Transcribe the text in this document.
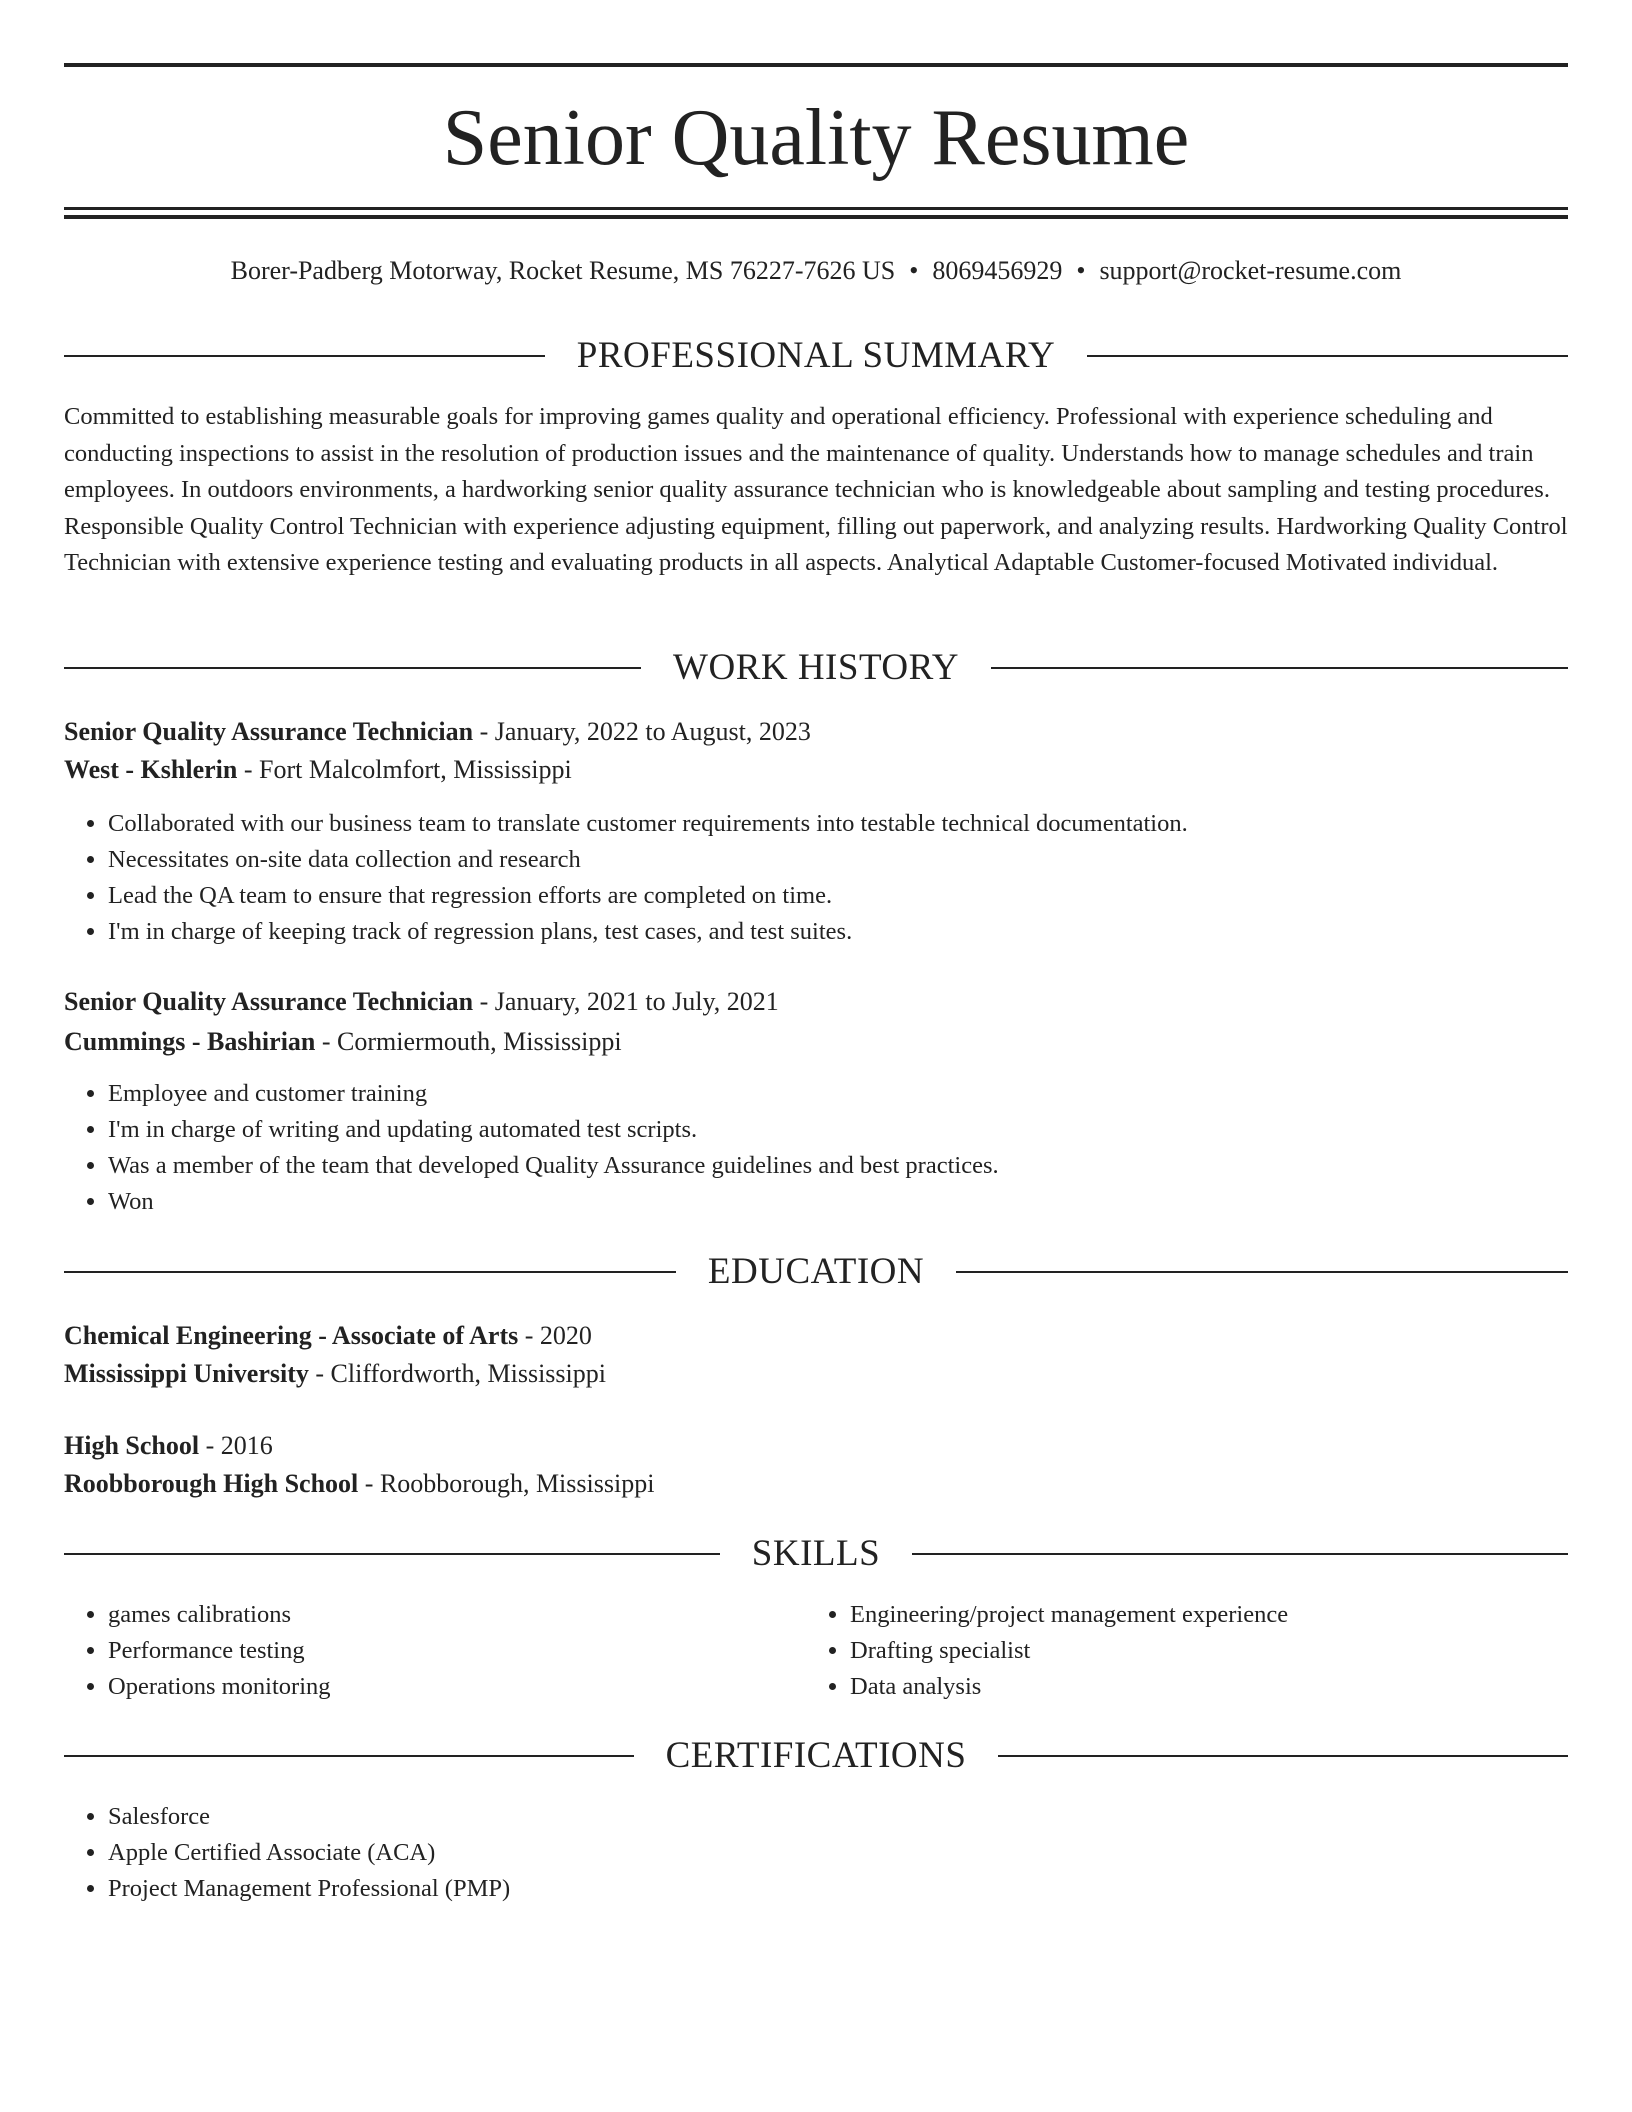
Senior Quality Resume
Borer-Padberg Motorway, Rocket Resume, MS 76227-7626 US • 8069456929 • support@rocket-resume.com
PROFESSIONAL SUMMARY

Committed to establishing measurable goals for improving games quality and operational efficiency. Professional with experience scheduling and conducting inspections to assist in the resolution of production issues and the maintenance of quality. Understands how to manage schedules and train employees. In outdoors environments, a hardworking senior quality assurance technician who is knowledgeable about sampling and testing procedures. Responsible Quality Control Technician with experience adjusting equipment, filling out paperwork, and analyzing results. Hardworking Quality Control Technician with extensive experience testing and evaluating products in all aspects. Analytical Adaptable Customer-focused Motivated individual.

WORK HISTORY
Senior Quality Assurance Technician - January, 2022 to August, 2023
West - Kshlerin - Fort Malcolmfort, Mississippi
• Collaborated with our business team to translate customer requirements into testable technical documentation.
• Necessitates on-site data collection and research
• Lead the QA team to ensure that regression efforts are completed on time.
• I'm in charge of keeping track of regression plans, test cases, and test suites.
Senior Quality Assurance Technician - January, 2021 to July, 2021
Cummings - Bashirian - Cormiermouth, Mississippi
• Employee and customer training
• I'm in charge of writing and updating automated test scripts.
• Was a member of the team that developed Quality Assurance guidelines and best practices.
• Won
EDUCATION
Chemical Engineering - Associate of Arts - 2020
Mississippi University - Cliffordworth, Mississippi
High School - 2016
Roobborough High School - Roobborough, Mississippi
SKILLS
• games calibrations
• Performance testing
• Operations monitoring
• Engineering/project management experience
• Drafting specialist
• Data analysis
CERTIFICATIONS
• Salesforce
• Apple Certified Associate (ACA)
• Project Management Professional (PMP)
